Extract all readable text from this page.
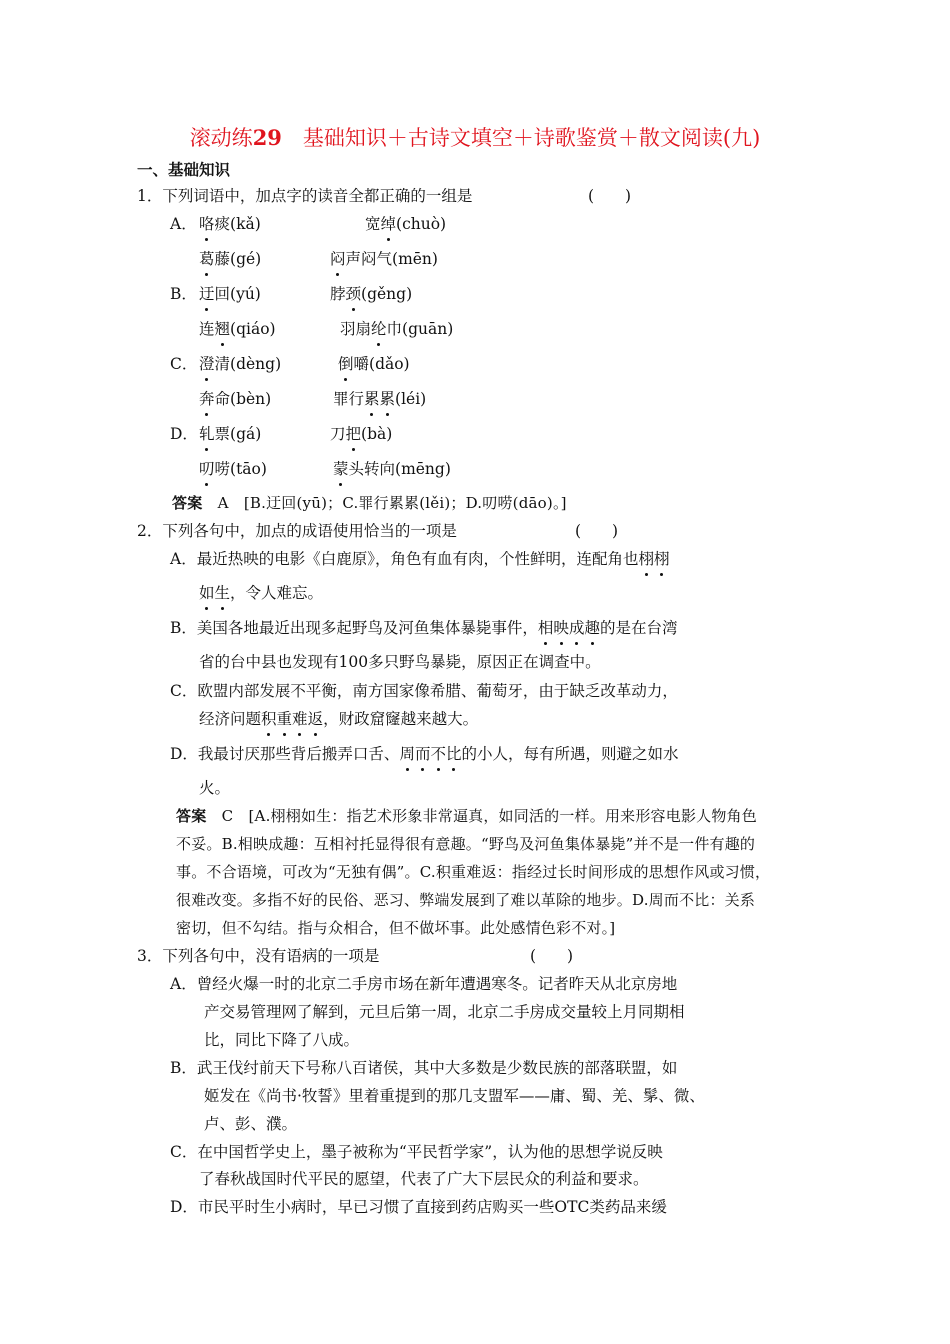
滚动练29　 基础知识＋古诗文填空＋诗歌鉴赏＋散文阅读(九)
一、基础知识
1．下列词语中，加点字的读音全都正确的一组是	(　　)
A． 咯痰(kǎ)	宽绰(chuò)
葛藤(gé)	闷声闷气(mēn)
B． 迂回(yú)	脖颈(gěng)
连翘(qiáo)	羽扇纶巾(guān)
C． 澄清(dèng)	倒嚼(dǎo)
奔命(bèn)	罪行累累(léi)
D． 轧票(gá)	刀把(bà)
叨唠(tāo)	蒙头转向(mēng)
答案　 A　[B.迂回(yū)；C.罪行累累(lěi)；D.叨唠(dāo)。]
2．下列各句中，加点的成语使用恰当的一项是	(　　)
A．最近热映的电影《白鹿原》，角色有血有肉，个性鲜明，连配角也栩栩
如生，令人难忘。
B．美国各地最近出现多起野鸟及河鱼集体暴毙事件，相映成趣的是在台湾
省的台中县也发现有100多只野鸟暴毙，原因正在调查中。
C．欧盟内部发展不平衡，南方国家像希腊、葡萄牙，由于缺乏改革动力，
经济问题积重难返，财政窟窿越来越大。
D．我最讨厌那些背后搬弄口舌、周而不比的小人，每有所遇，则避之如水
火。
答案　 C　[A.栩栩如生：指艺术形象非常逼真，如同活的一样。用来形容电影人物角色
不妥。B.相映成趣：互相衬托显得很有意趣。“野鸟及河鱼集体暴毙”并不是一件有趣的
事。不合语境，可改为“无独有偶”。C.积重难返：指经过长时间形成的思想作风或习惯，
很难改变。多指不好的民俗、恶习、弊端发展到了难以革除的地步。D.周而不比：关系
密切，但不勾结。指与众相合，但不做坏事。此处感情色彩不对。]
3．下列各句中，没有语病的一项是	(　　)
A．曾经火爆一时的北京二手房市场在新年遭遇寒冬。记者昨天从北京房地
产交易管理网了解到，元旦后第一周，北京二手房成交量较上月同期相
比，同比下降了八成。
B．武王伐纣前天下号称八百诸侯，其中大多数是少数民族的部落联盟，如
姬发在《尚书·牧誓》里着重提到的那几支盟军——庸、蜀、羌、髳、微、
卢、彭、濮。
C．在中国哲学史上，墨子被称为“平民哲学家”，认为他的思想学说反映
了春秋战国时代平民的愿望，代表了广大下层民众的利益和要求。
D．市民平时生小病时，早已习惯了直接到药店购买一些OTC类药品来缓
